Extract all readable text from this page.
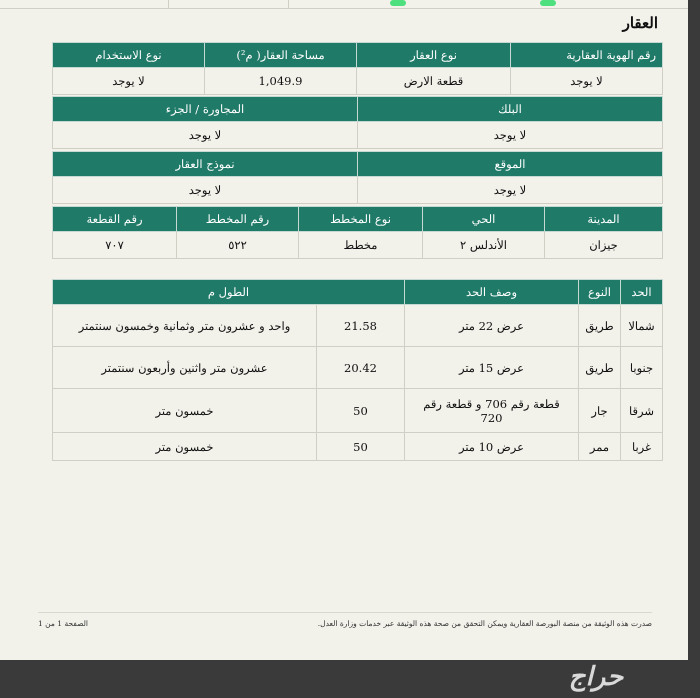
العقار
رقم الهوية العقارية	نوع العقار	مساحة العقار( م²)	نوع الاستخدام
لا يوجد	قطعة الارض	1,049.9	لا يوجد
البلك	المجاورة / الجزء
لا يوجد	لا يوجد
الموقع	نموذج العقار
لا يوجد	لا يوجد
المدينة	الحي	نوع المخطط	رقم المخطط	رقم القطعة
جيزان	الأندلس ٢	مخطط	٥٢٢	٧٠٧
الحد	النوع	وصف الحد	الطول م	
شمالا	طريق	عرض 22 متر	21.58	واحد و عشرون متر وثمانية وخمسون سنتمتر
جنوبا	طريق	عرض 15 متر	20.42	عشرون متر واثنين وأربعون سنتمتر
شرقا	جار	قطعة رقم 706 و قطعة رقم 720	50	خمسون متر
غربا	ممر	عرض 10 متر	50	خمسون متر
صدرت هذه الوثيقة من منصة البورصة العقارية ويمكن التحقق من صحة هذه الوثيقة عبر خدمات وزارة العدل.
الصفحة 1 من 1
حراج
